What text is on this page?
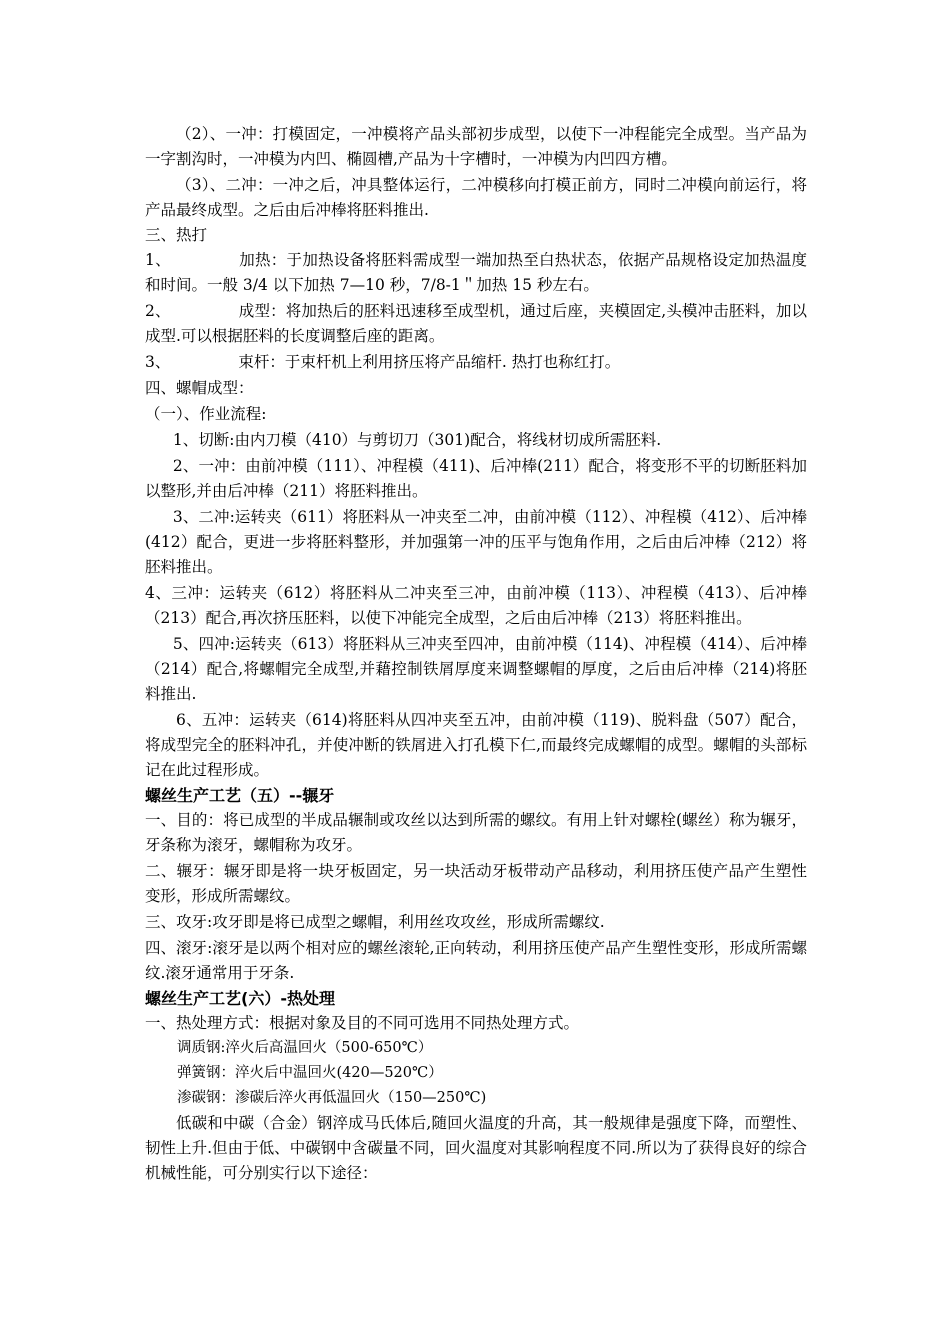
（2）、一冲：打模固定，一冲模将产品头部初步成型，以使下一冲程能完全成型。当产品为一字割沟时，一冲模为内凹、椭圆槽,产品为十字槽时，一冲模为内凹四方槽。

（3）、二冲：一冲之后，冲具整体运行，二冲模移向打模正前方，同时二冲模向前运行，将产品最终成型。之后由后冲棒将胚料推出.

三、热打

1、	加热：于加热设备将胚料需成型一端加热至白热状态，依据产品规格设定加热温度和时间。一般 3/4 以下加热 7—10 秒，7/8-1＂加热 15 秒左右。

2、	成型：将加热后的胚料迅速移至成型机，通过后座，夹模固定,头模冲击胚料，加以成型.可以根据胚料的长度调整后座的距离。

3、	束杆：于束杆机上利用挤压将产品缩杆. 热打也称红打。

四、螺帽成型：

（一）、作业流程:

1、切断:由内刀模（410）与剪切刀（301)配合，将线材切成所需胚料.

2、一冲：由前冲模（111）、冲程模（411)、后冲棒(211）配合，将变形不平的切断胚料加以整形,并由后冲棒（211）将胚料推出。

3、二冲:运转夹（611）将胚料从一冲夹至二冲，由前冲模（112）、冲程模（412）、后冲棒(412）配合，更进一步将胚料整形，并加强第一冲的压平与饱角作用，之后由后冲棒（212）将胚料推出。

4、三冲：运转夹（612）将胚料从二冲夹至三冲，由前冲模（113）、冲程模（413）、后冲棒（213）配合,再次挤压胚料，以使下冲能完全成型，之后由后冲棒（213）将胚料推出。

5、四冲:运转夹（613）将胚料从三冲夹至四冲，由前冲模（114)、冲程模（414）、后冲棒（214）配合,将螺帽完全成型,并藉控制铁屑厚度来调整螺帽的厚度，之后由后冲棒（214)将胚料推出.

6、五冲：运转夹（614)将胚料从四冲夹至五冲，由前冲模（119)、脱料盘（507）配合，将成型完全的胚料冲孔，并使冲断的铁屑进入打孔模下仁,而最终完成螺帽的成型。螺帽的头部标记在此过程形成。

螺丝生产工艺（五）--辗牙

一、目的：将已成型的半成品辗制或攻丝以达到所需的螺纹。有用上针对螺栓(螺丝）称为辗牙，牙条称为滚牙，螺帽称为攻牙。

二、辗牙：辗牙即是将一块牙板固定，另一块活动牙板带动产品移动，利用挤压使产品产生塑性变形，形成所需螺纹。

三、攻牙:攻牙即是将已成型之螺帽，利用丝攻攻丝，形成所需螺纹.

四、滚牙:滚牙是以两个相对应的螺丝滚轮,正向转动，利用挤压使产品产生塑性变形，形成所需螺纹.滚牙通常用于牙条.

螺丝生产工艺(六）-热处理

一、热处理方式：根据对象及目的不同可选用不同热处理方式。

调质钢:淬火后高温回火（500-650℃）

弹簧钢：淬火后中温回火(420—520℃）

渗碳钢：渗碳后淬火再低温回火（150—250℃)

低碳和中碳（合金）钢淬成马氏体后,随回火温度的升高，其一般规律是强度下降，而塑性、韧性上升.但由于低、中碳钢中含碳量不同，回火温度对其影响程度不同.所以为了获得良好的综合机械性能，可分别实行以下途径：
